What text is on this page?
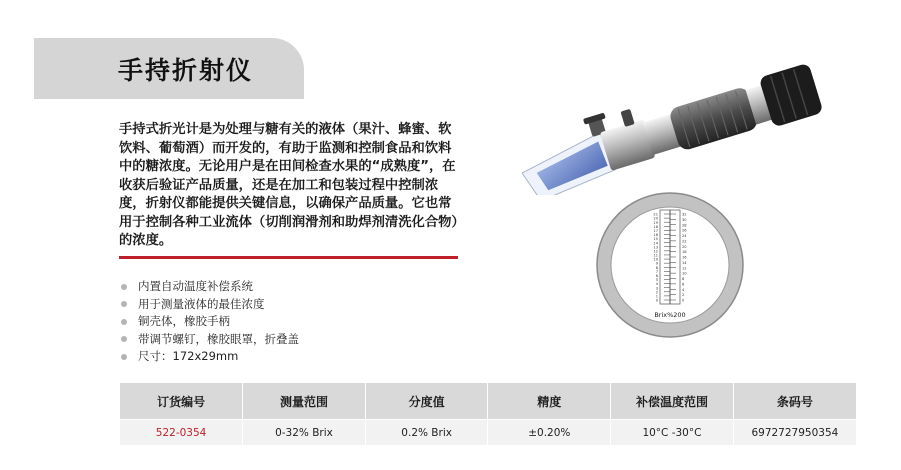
手持折射仪
手持式折光计是为处理与糖有关的液体（果汁、蜂蜜、软饮料、葡萄酒）而开发的，有助于监测和控制食品和饮料中的糖浓度。无论用户是在田间检查水果的“成熟度”，在收获后验证产品质量，还是在加工和包装过程中控制浓度，折射仪都能提供关键信息，以确保产品质量。它也常用于控制各种工业流体（切削润滑剂和助焊剂清洗化合物）的浓度。
内置自动温度补偿系统
用于测量液体的最佳浓度
铜壳体，橡胶手柄
带调节螺钉，橡胶眼罩，折叠盖
尺寸：172x29mm
21
20
19
18
17
16
15
14
13
12
11
10
9
8
7
6
5
4
3
2
1
0
32
30
28
26
24
22
20
18
16
14
12
10
8
6
4
2
0
Brix%200
订货编号	测量范围	分度值	精度	补偿温度范围	条码号
522-0354	0-32% Brix	0.2% Brix	±0.20%	10°C -30°C	6972727950354
